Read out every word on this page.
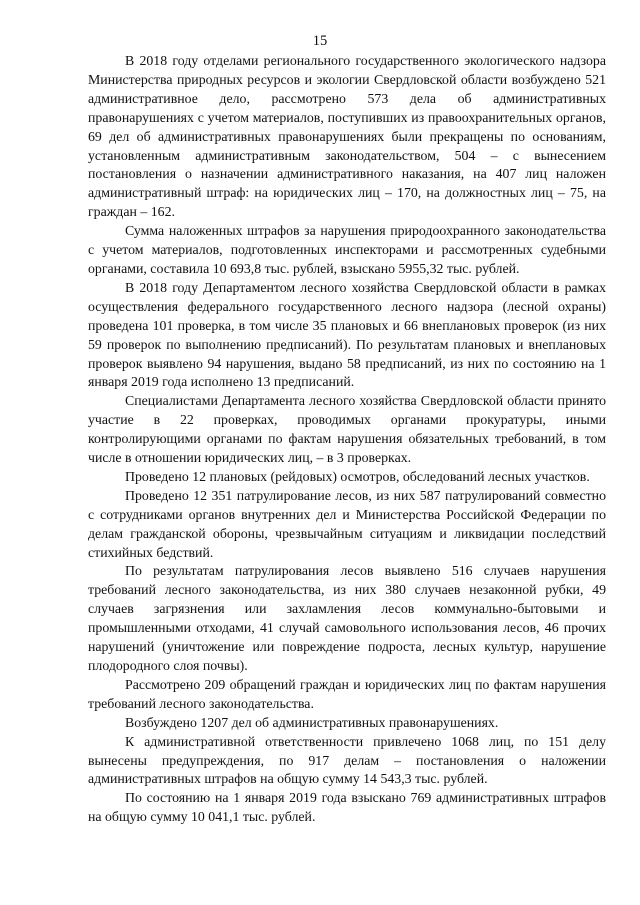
15

В 2018 году отделами регионального государственного экологического надзора Министерства природных ресурсов и экологии Свердловской области возбуждено 521 административное дело, рассмотрено 573 дела об административных правонарушениях с учетом материалов, поступивших из правоохранительных органов, 69 дел об административных правонарушениях были прекращены по основаниям, установленным административным законодательством, 504 – с вынесением постановления о назначении административного наказания, на 407 лиц наложен административный штраф: на юридических лиц – 170, на должностных лиц – 75, на граждан – 162.

Сумма наложенных штрафов за нарушения природоохранного законодательства с учетом материалов, подготовленных инспекторами и рассмотренных судебными органами, составила 10 693,8 тыс. рублей, взыскано 5955,32 тыс. рублей.

В 2018 году Департаментом лесного хозяйства Свердловской области в рамках осуществления федерального государственного лесного надзора (лесной охраны) проведена 101 проверка, в том числе 35 плановых и 66 внеплановых проверок (из них 59 проверок по выполнению предписаний). По результатам плановых и внеплановых проверок выявлено 94 нарушения, выдано 58 предписаний, из них по состоянию на 1 января 2019 года исполнено 13 предписаний.

Специалистами Департамента лесного хозяйства Свердловской области принято участие в 22 проверках, проводимых органами прокуратуры, иными контролирующими органами по фактам нарушения обязательных требований, в том числе в отношении юридических лиц, – в 3 проверках.

Проведено 12 плановых (рейдовых) осмотров, обследований лесных участков.

Проведено 12 351 патрулирование лесов, из них 587 патрулирований совместно с сотрудниками органов внутренних дел и Министерства Российской Федерации по делам гражданской обороны, чрезвычайным ситуациям и ликвидации последствий стихийных бедствий.

По результатам патрулирования лесов выявлено 516 случаев нарушения требований лесного законодательства, из них 380 случаев незаконной рубки, 49 случаев загрязнения или захламления лесов коммунально-бытовыми и промышленными отходами, 41 случай самовольного использования лесов, 46 прочих нарушений (уничтожение или повреждение подроста, лесных культур, нарушение плодородного слоя почвы).

Рассмотрено 209 обращений граждан и юридических лиц по фактам нарушения требований лесного законодательства.

Возбуждено 1207 дел об административных правонарушениях.

К административной ответственности привлечено 1068 лиц, по 151 делу вынесены предупреждения, по 917 делам – постановления о наложении административных штрафов на общую сумму 14 543,3 тыс. рублей.

По состоянию на 1 января 2019 года взыскано 769 административных штрафов на общую сумму 10 041,1 тыс. рублей.
